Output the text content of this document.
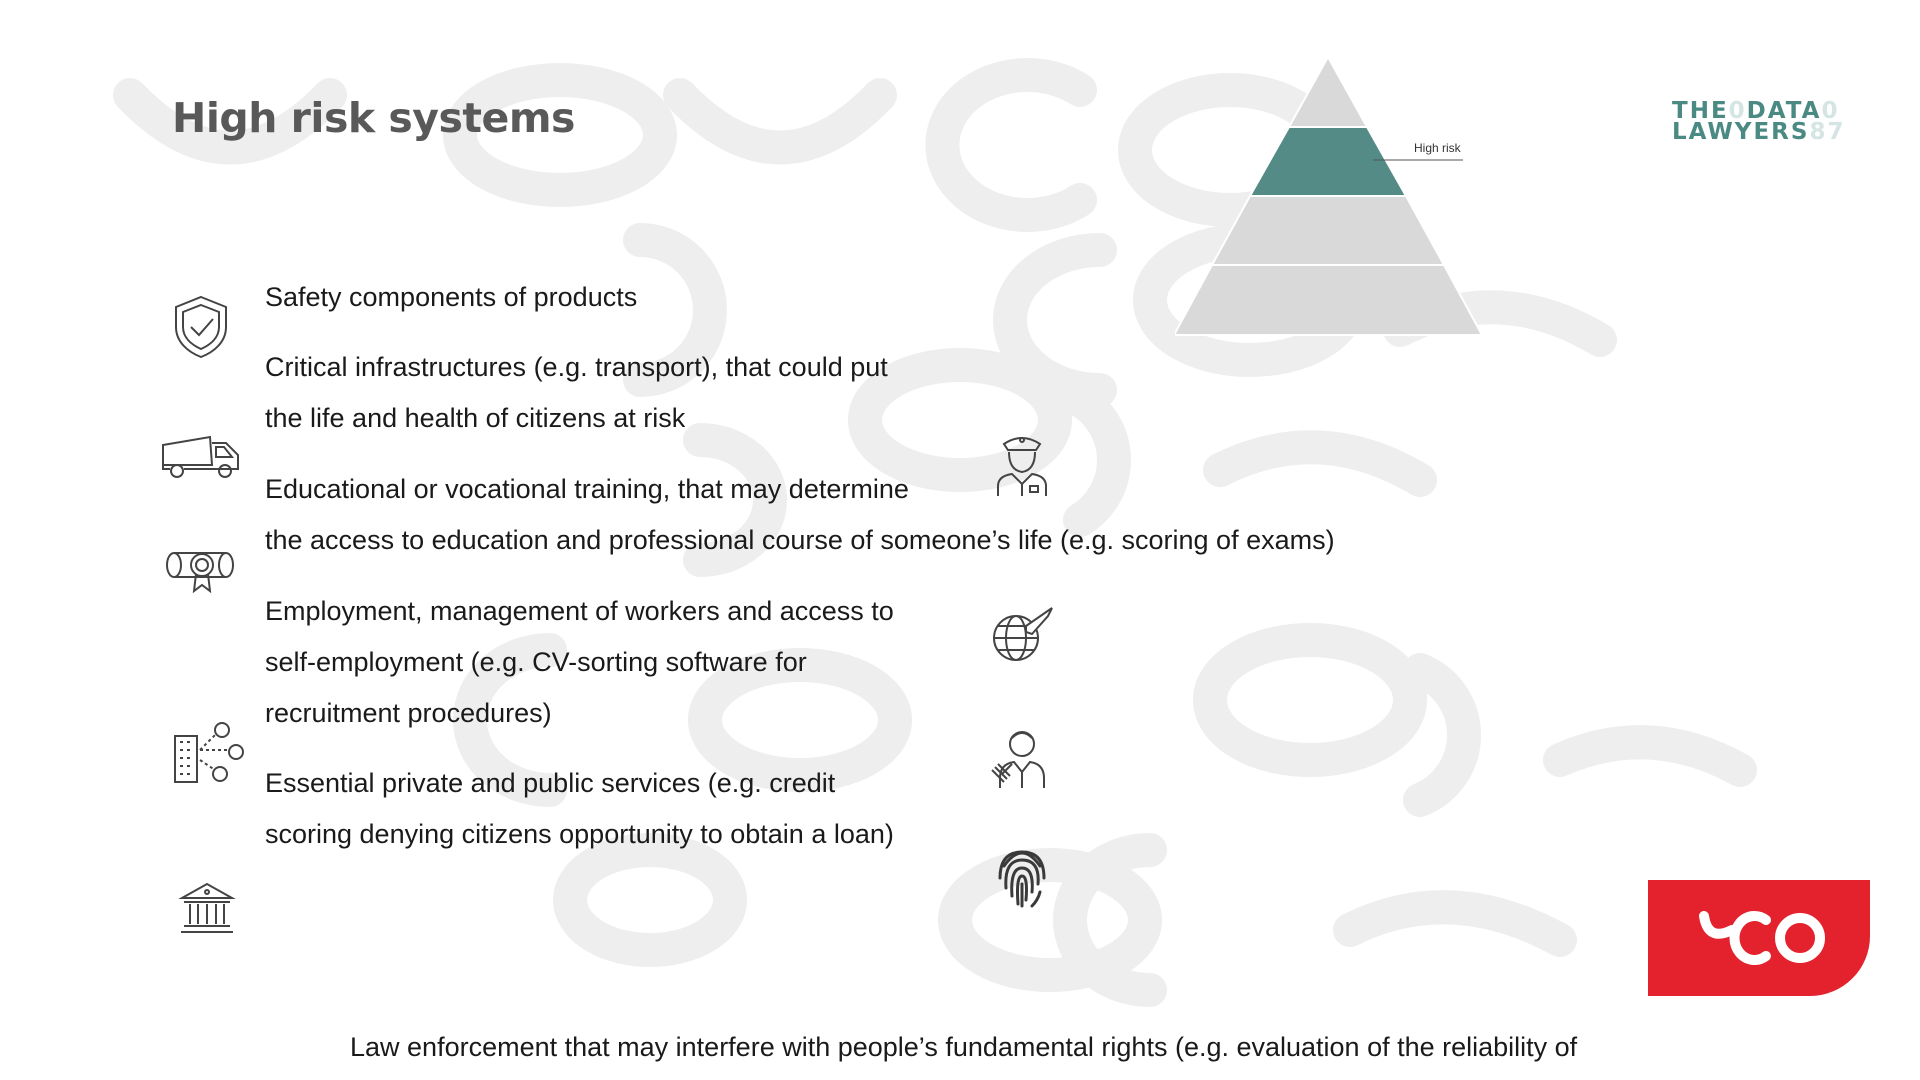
High risk systems

Safety components of products

Critical infrastructures (e.g. transport), that could put

the life and health of citizens at risk

Educational or vocational training, that may determine

the access to education and professional course of someone’s life (e.g. scoring of exams)

Employment, management of workers and access to

self-employment (e.g. CV-sorting software for

recruitment procedures)

Essential private and public services (e.g. credit

scoring denying citizens opportunity to obtain a loan)

High risk
THE0DATA0
LAWYERS87

Law enforcement that may interfere with people’s fundamental rights (e.g. evaluation of the reliability of
